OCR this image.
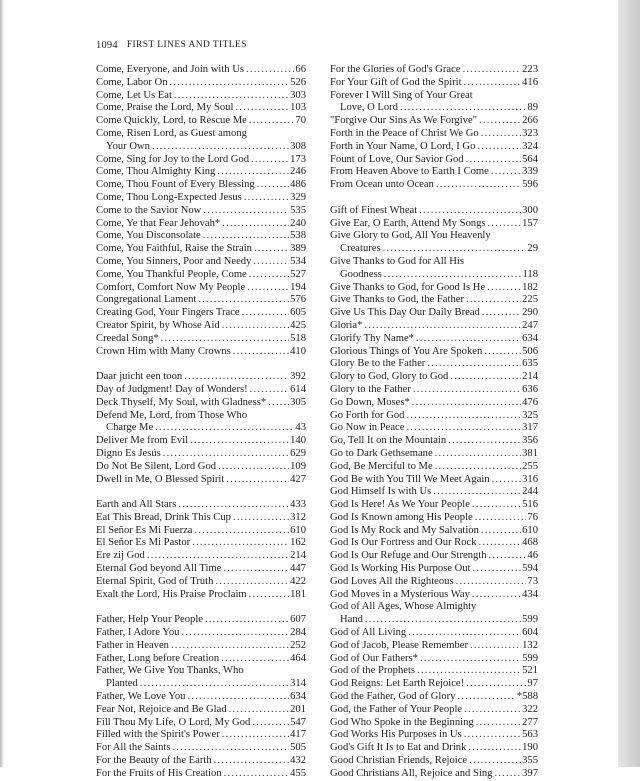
1094 FIRST LINES AND TITLES
Come, Everyone, and Join with Us .....	66
Come, Labor On .....	526
Come, Let Us Eat .....	303
Come, Praise the Lord, My Soul .....	103
Come Quickly, Lord, to Rescue Me .....	70
Come, Risen Lord, as Guest among
Your Own .....	308
Come, Sing for Joy to the Lord God .....	173
Come, Thou Almighty King .....	246
Come, Thou Fount of Every Blessing .....	486
Come, Thou Long-Expected Jesus .....	329
Come to the Savior Now .....	535
Come, Ye that Fear Jehovah* .....	240
Come, You Disconsolate .....	538
Come, You Faithful, Raise the Strain .....	389
Come, You Sinners, Poor and Needy .....	534
Come, You Thankful People, Come .....	527
Comfort, Comfort Now My People .....	194
Congregational Lament .....	576
Creating God, Your Fingers Trace .....	605
Creator Spirit, by Whose Aid .....	425
Creedal Song* .....	518
Crown Him with Many Crowns .....	410
Daar juicht een toon .....	392
Day of Judgment! Day of Wonders! .....	614
Deck Thyself, My Soul, with Gladness* ..... 305
Defend Me, Lord, from Those Who
Charge Me .....	43
Deliver Me from Evil .....	140
Digno Es Jesús .....	629
Do Not Be Silent, Lord God .....	109
Dwell in Me, O Blessed Spirit .....	427
Earth and All Stars .....	433
Eat This Bread, Drink This Cup .....	312
El Señor Es Mi Fuerza .....	610
El Señor Es Mi Pastor .....	162
Ere zij God .....	214
Eternal God beyond All Time .....	447
Eternal Spirit, God of Truth .....	422
Exalt the Lord, His Praise Proclaim .....	181
Father, Help Your People .....	607
Father, I Adore You .....	284
Father in Heaven .....	252
Father, Long before Creation .....	464
Father, We Give You Thanks, Who
Planted .....	314
Father, We Love You .....	634
Fear Not, Rejoice and Be Glad .....	201
Fill Thou My Life, O Lord, My God .....	547
Filled with the Spirit's Power .....	417
For All the Saints .....	505
For the Beauty of the Earth .....	432
For the Fruits of His Creation .....	455
For the Glories of God's Grace .....	223
For Your Gift of God the Spirit .....	416
Forever I Will Sing of Your Great
Love, O Lord .....	89
"Forgive Our Sins As We Forgive" .....	266
Forth in the Peace of Christ We Go .....	323
Forth in Your Name, O Lord, I Go .....	324
Fount of Love, Our Savior God .....	564
From Heaven Above to Earth I Come .....	339
From Ocean unto Ocean .....	596
Gift of Finest Wheat .....	300
Give Ear, O Earth, Attend My Songs .....	157
Give Glory to God, All You Heavenly
Creatures .....	29
Give Thanks to God for All His
Goodness .....	118
Give Thanks to God, for Good Is He .....	182
Give Thanks to God, the Father .....	225
Give Us This Day Our Daily Bread .....	290
Gloria* .....	247
Glorify Thy Name* .....	634
Glorious Things of You Are Spoken .....	506
Glory Be to the Father .....	635
Glory to God, Glory to God .....	214
Glory to the Father .....	636
Go Down, Moses* .....	476
Go Forth for God .....	325
Go Now in Peace .....	317
Go, Tell It on the Mountain .....	356
Go to Dark Gethsemane .....	381
God, Be Merciful to Me .....	255
God Be with You Till We Meet Again .....	316
God Himself Is with Us .....	244
God Is Here! As We Your People .....	516
God Is Known among His People .....	76
God Is My Rock and My Salvation .....	610
God Is Our Fortress and Our Rock .....	468
God Is Our Refuge and Our Strength .....	46
God Is Working His Purpose Out .....	594
God Loves All the Righteous .....	73
God Moves in a Mysterious Way .....	434
God of All Ages, Whose Almighty
Hand .....	599
God of All Living .....	604
God of Jacob, Please Remember .....	132
God of Our Fathers* .....	599
God of the Prophets .....	521
God Reigns: Let Earth Rejoice! .....	97
God the Father, God of Glory .....	*588
God, the Father of Your People .....	322
God Who Spoke in the Beginning .....	277
God Works His Purposes in Us .....	563
God's Gift It Is to Eat and Drink .....	190
Good Christian Friends, Rejoice .....	355
Good Christians All, Rejoice and Sing .....	397
